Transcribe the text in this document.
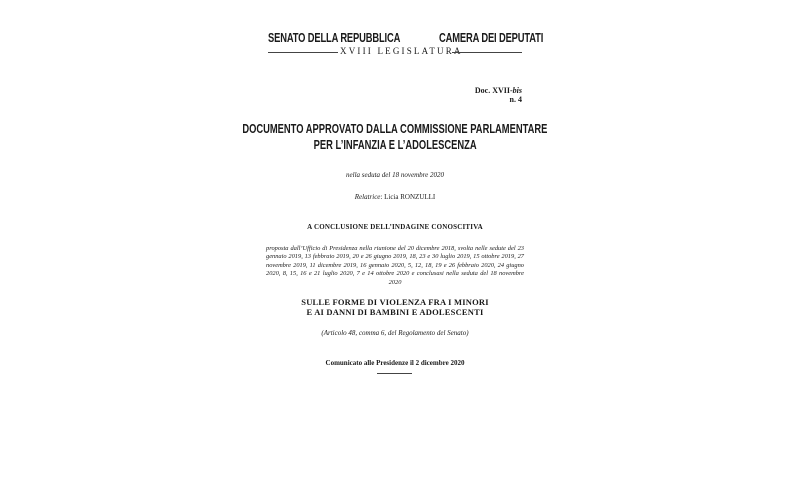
SENATO DELLA REPUBBLICA	CAMERA DEI DEPUTATI
XVIII LEGISLATURA
Doc. XVII-bis
n. 4
DOCUMENTO APPROVATO DALLA COMMISSIONE PARLAMENTARE
PER L’INFANZIA E L’ADOLESCENZA
nella seduta del 18 novembre 2020
Relatrice: Licia RONZULLI
A CONCLUSIONE DELL’INDAGINE CONOSCITIVA
proposta dall’Ufficio di Presidenza nella riunione del 20 dicembre 2018, svolta nelle sedute del 23 gennaio 2019, 13 febbraio 2019, 20 e 26 giugno 2019, 18, 23 e 30 luglio 2019, 15 ottobre 2019, 27 novembre 2019, 11 dicembre 2019, 16 gennaio 2020, 5, 12, 18, 19 e 26 febbraio 2020, 24 giugno 2020, 8, 15, 16 e 21 luglio 2020, 7 e 14 ottobre 2020 e conclusasi nella seduta del 18 novembre 2020
SULLE FORME DI VIOLENZA FRA I MINORI
E AI DANNI DI BAMBINI E ADOLESCENTI
(Articolo 48, comma 6, del Regolamento del Senato)
Comunicato alle Presidenze il 2 dicembre 2020
